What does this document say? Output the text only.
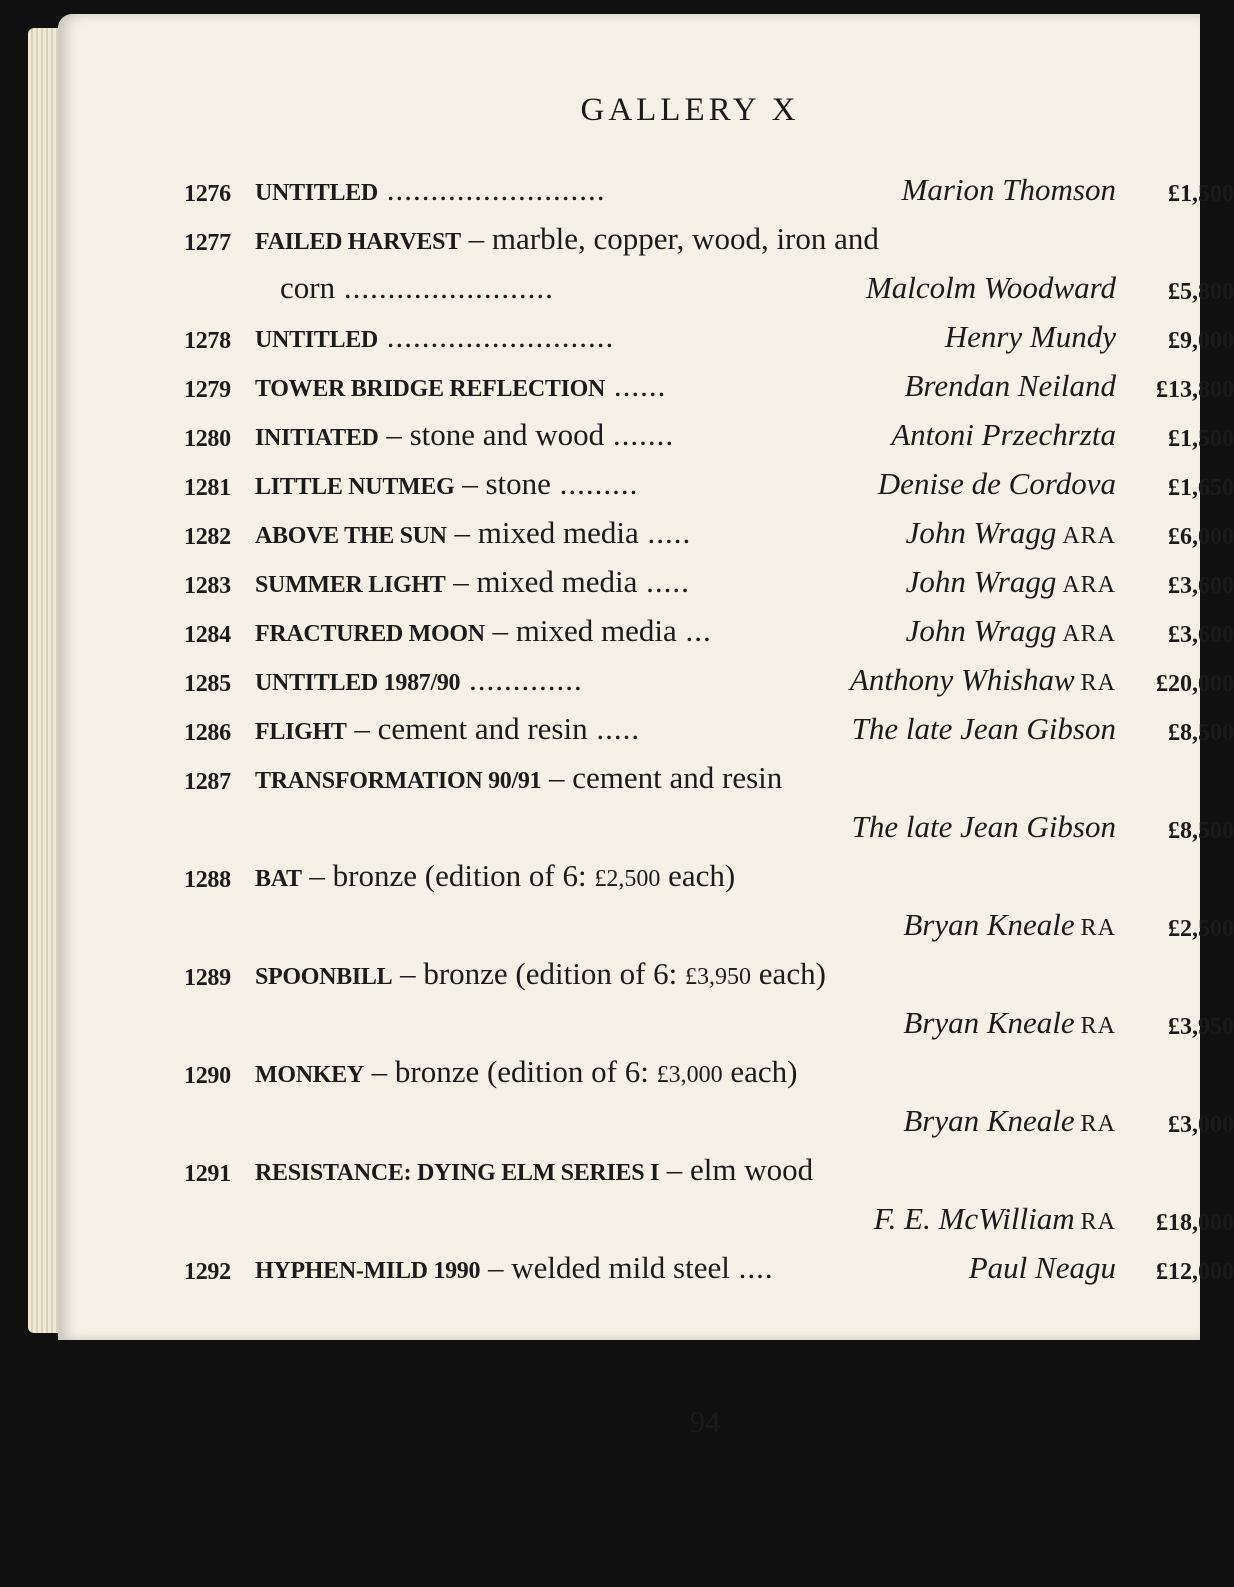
GALLERY X
1276 UNTITLED .........................	Marion Thomson £1,500
1277 FAILED HARVEST – marble, copper, wood, iron and
corn ........................	Malcolm Woodward £5,800
1278 UNTITLED ..........................	Henry Mundy £9,000
1279 TOWER BRIDGE REFLECTION ......	Brendan Neiland £13,800
1280 INITIATED – stone and wood .......	Antoni Przechrzta £1,500
1281 LITTLE NUTMEG – stone .........	Denise de Cordova £1,650
1282 ABOVE THE SUN – mixed media .....	John Wragg ARA £6,000
1283 SUMMER LIGHT – mixed media .....	John Wragg ARA £3,600
1284 FRACTURED MOON – mixed media ...	John Wragg ARA £3,600
1285 UNTITLED 1987/90 .............	Anthony Whishaw RA £20,000
1286 FLIGHT – cement and resin .....	The late Jean Gibson £8,500
1287 TRANSFORMATION 90/91 – cement and resin
The late Jean Gibson £8,500
1288 BAT – bronze (edition of 6: £2,500 each)
Bryan Kneale RA £2,500
1289 SPOONBILL – bronze (edition of 6: £3,950 each)
Bryan Kneale RA £3,950
1290 MONKEY – bronze (edition of 6: £3,000 each)
Bryan Kneale RA £3,000
1291 RESISTANCE: DYING ELM SERIES I – elm wood
F. E. McWilliam RA £18,000
1292 HYPHEN-MILD 1990 – welded mild steel ....	Paul Neagu £12,000
94
